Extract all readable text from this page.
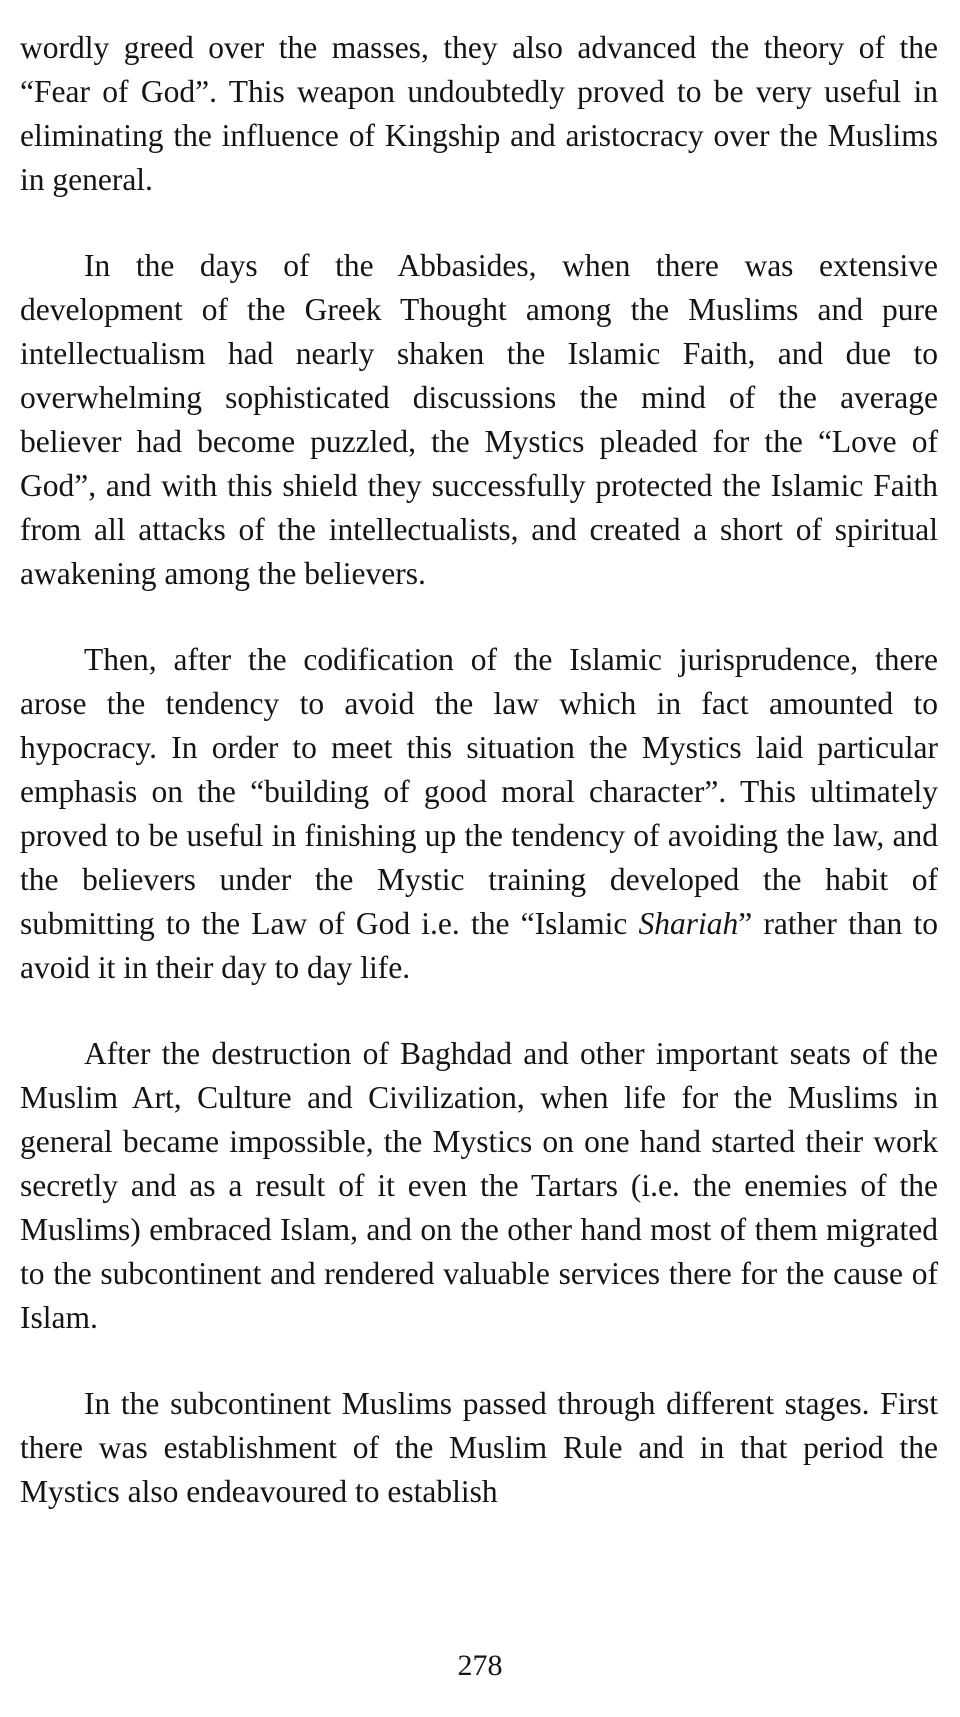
wordly greed over the masses, they also advanced the theory of the “Fear of God”. This weapon undoubtedly proved to be very useful in eliminating the influence of Kingship and aristocracy over the Muslims in general.

In the days of the Abbasides, when there was extensive development of the Greek Thought among the Muslims and pure intellectualism had nearly shaken the Islamic Faith, and due to overwhelming sophisticated discussions the mind of the average believer had become puzzled, the Mystics pleaded for the “Love of God”, and with this shield they successfully protected the Islamic Faith from all attacks of the intellectualists, and created a short of spiritual awakening among the believers.

Then, after the codification of the Islamic jurisprudence, there arose the tendency to avoid the law which in fact amounted to hypocracy. In order to meet this situation the Mystics laid particular emphasis on the “building of good moral character”. This ultimately proved to be useful in finishing up the tendency of avoiding the law, and the believers under the Mystic training developed the habit of submitting to the Law of God i.e. the “Islamic Shariah” rather than to avoid it in their day to day life.

After the destruction of Baghdad and other important seats of the Muslim Art, Culture and Civilization, when life for the Muslims in general became impossible, the Mystics on one hand started their work secretly and as a result of it even the Tartars (i.e. the enemies of the Muslims) embraced Islam, and on the other hand most of them migrated to the subcontinent and rendered valuable services there for the cause of Islam.

In the subcontinent Muslims passed through different stages. First there was establishment of the Muslim Rule and in that period the Mystics also endeavoured to establish

278
